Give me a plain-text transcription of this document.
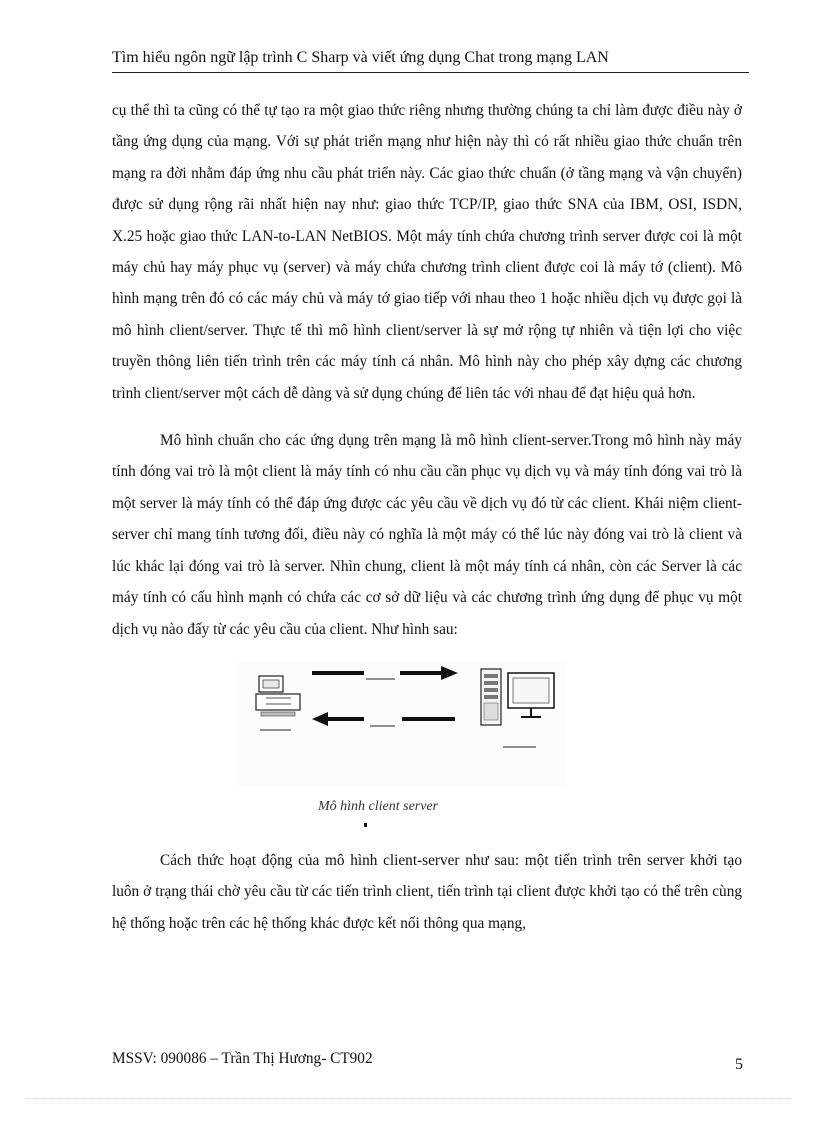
Tìm hiểu ngôn ngữ lập trình C Sharp và viết ứng dụng Chat trong mạng LAN

cụ thể thì ta cũng có thể tự tạo ra một giao thức riêng nhưng thường chúng ta chỉ làm được điều này ở tầng ứng dụng của mạng. Với sự phát triển mạng như hiện này thì có rất nhiều giao thức chuẩn trên mạng ra đời nhằm đáp ứng nhu cầu phát triển này. Các giao thức chuẩn (ở tầng mạng và vận chuyển) được sử dụng rộng rãi nhất hiện nay như: giao thức TCP/IP, giao thức SNA của IBM, OSI, ISDN, X.25 hoặc giao thức LAN-to-LAN NetBIOS. Một máy tính chứa chương trình server được coi là một máy chủ hay máy phục vụ (server) và máy chứa chương trình client được coi là máy tớ (client). Mô hình mạng trên đó có các máy chủ và máy tớ giao tiếp với nhau theo 1 hoặc nhiều dịch vụ được gọi là mô hình client/server. Thực tế thì mô hình client/server là sự mở rộng tự nhiên và tiện lợi cho việc truyền thông liên tiến trình trên các máy tính cá nhân. Mô hình này cho phép xây dựng các chương trình client/server một cách dễ dàng và sử dụng chúng để liên tác với nhau để đạt hiệu quả hơn.

Mô hình chuẩn cho các ứng dụng trên mạng là mô hình client-server.Trong mô hình này máy tính đóng vai trò là một client là máy tính có nhu cầu cần phục vụ dịch vụ và máy tính đóng vai trò là một server là máy tính có thể đáp ứng được các yêu cầu về dịch vụ đó từ các client. Khái niệm client-server chỉ mang tính tương đối, điều này có nghĩa là một máy có thể lúc này đóng vai trò là client và lúc khác lại đóng vai trò là server. Nhìn chung, client là một máy tính cá nhân, còn các Server là các máy tính có cấu hình mạnh có chứa các cơ sở dữ liệu và các chương trình ứng dụng để phục vụ một dịch vụ nào đấy từ các yêu cầu của client. Như hình sau:

Mô hình client server

Cách thức hoạt động của mô hình client-server như sau: một tiến trình trên server khởi tạo luôn ở trạng thái chờ yêu cầu từ các tiến trình client, tiến trình tại client được khởi tạo có thể trên cùng hệ thống hoặc trên các hệ thống khác được kết nối thông qua mạng,

MSSV: 090086 – Trần Thị Hương- CT902	5
